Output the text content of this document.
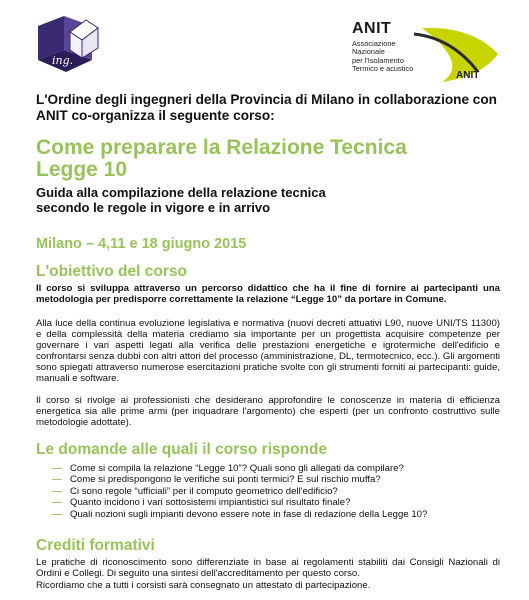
ing.
ANIT
Associazione
Nazionale
per l'Isolamento
Termico e acustico
ANIT
L'Ordine degli ingegneri della Provincia di Milano in collaborazione con ANIT co-organizza il seguente corso:
Come preparare la Relazione Tecnica
Legge 10
Guida alla compilazione della relazione tecnica
secondo le regole in vigore e in arrivo
Milano – 4,11 e 18 giugno 2015
L'obiettivo del corso

Il corso si sviluppa attraverso un percorso didattico che ha il fine di fornire ai partecipanti una metodologia per predisporre correttamente la relazione “Legge 10” da portare in Comune.

Alla luce della continua evoluzione legislativa e normativa (nuovi decreti attuativi L90, nuove UNI/TS 11300) e della complessità della materia crediamo sia importante per un progettista acquisire competenze per governare i vari aspetti legati alla verifica delle prestazioni energetiche e igrotermiche dell'edificio e confrontarsi senza dubbi con altri attori del processo (amministrazione, DL, termotecnico, ecc.). Gli argomenti sono spiegati attraverso numerose esercitazioni pratiche svolte con gli strumenti forniti ai partecipanti: guide, manuali e software.

Il corso si rivolge ai professionisti che desiderano approfondire le conoscenze in materia di efficienza energetica sia alle prime armi (per inquadrare l'argomento) che esperti (per un confronto costruttivo sulle metodologie adottate).

Le domande alle quali il corso risponde
— Come si compila la relazione “Legge 10”? Quali sono gli allegati da compilare?
— Come si predispongono le verifiche sui ponti termici? E sul rischio muffa?
— Ci sono regole “ufficiali” per il computo geometrico dell'edificio?
— Quanto incidono i vari sottosistemi impiantistici sul risultato finale?
— Quali nozioni sugli impianti devono essere note in fase di redazione della Legge 10?
Crediti formativi

Le pratiche di riconoscimento sono differenziate in base ai regolamenti stabiliti dai Consigli Nazionali di Ordini e Collegi. Di seguito una sintesi dell'accreditamento per questo corso.

Ricordiamo che a tutti i corsisti sarà consegnato un attestato di partecipazione.
